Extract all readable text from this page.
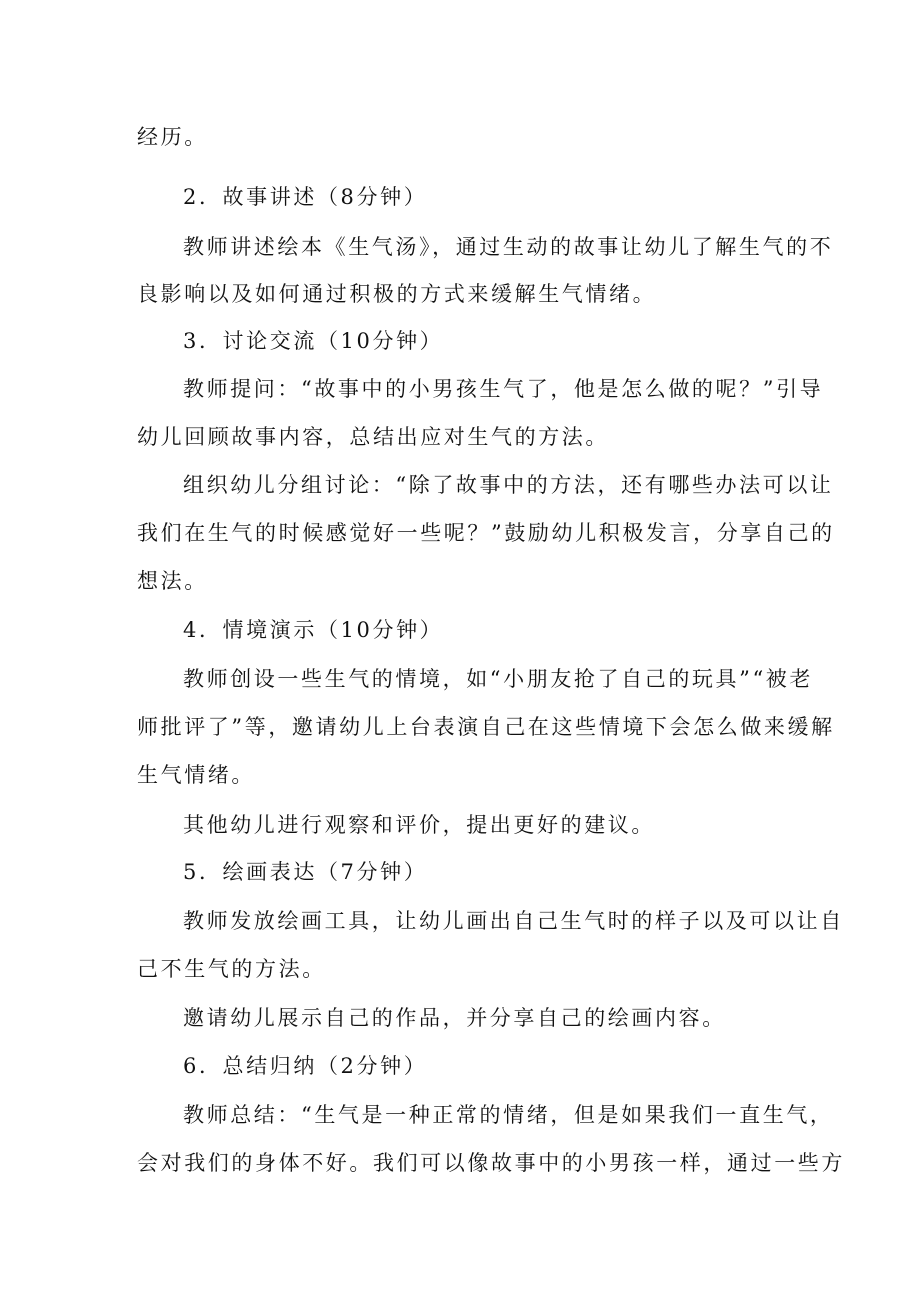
经历。
2．故事讲述（8分钟）
教师讲述绘本《生气汤》，通过生动的故事让幼儿了解生气的不
良影响以及如何通过积极的方式来缓解生气情绪。
3．讨论交流（10分钟）
教师提问：“故事中的小男孩生气了，他是怎么做的呢？”引导
幼儿回顾故事内容，总结出应对生气的方法。
组织幼儿分组讨论：“除了故事中的方法，还有哪些办法可以让
我们在生气的时候感觉好一些呢？”鼓励幼儿积极发言，分享自己的
想法。
4．情境演示（10分钟）
教师创设一些生气的情境，如“小朋友抢了自己的玩具”“被老
师批评了”等，邀请幼儿上台表演自己在这些情境下会怎么做来缓解
生气情绪。
其他幼儿进行观察和评价，提出更好的建议。
5．绘画表达（7分钟）
教师发放绘画工具，让幼儿画出自己生气时的样子以及可以让自
己不生气的方法。
邀请幼儿展示自己的作品，并分享自己的绘画内容。
6．总结归纳（2分钟）
教师总结：“生气是一种正常的情绪，但是如果我们一直生气，
会对我们的身体不好。我们可以像故事中的小男孩一样，通过一些方
